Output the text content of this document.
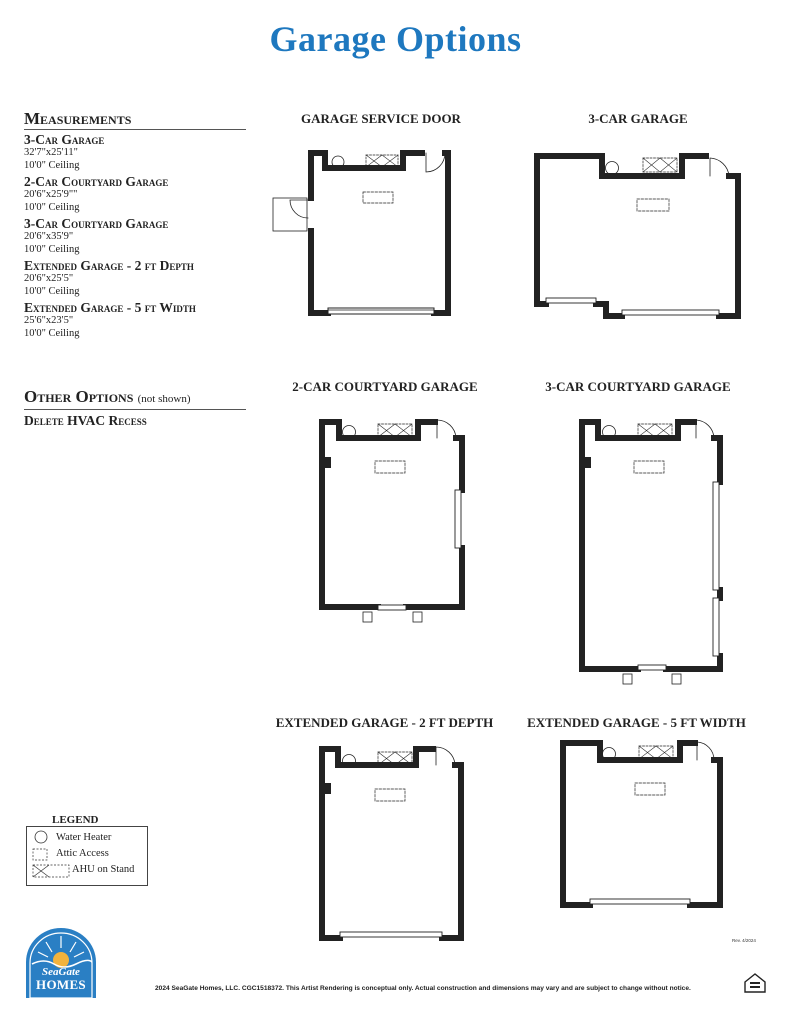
Garage Options
Measurements
3-Car Garage
32'7"x25'11"
10'0" Ceiling
2-Car Courtyard Garage
20'6"x25'9""
10'0" Ceiling
3-Car Courtyard Garage
20'6"x35'9"
10'0" Ceiling
Extended Garage - 2 ft Depth
20'6"x25'5"
10'0" Ceiling
Extended Garage - 5 ft Width
25'6"x23'5"
10'0" Ceiling
Other Options (not shown)
Delete HVAC Recess
GARAGE SERVICE DOOR	3-CAR GARAGE
2-CAR COURTYARD GARAGE	3-CAR COURTYARD GARAGE
EXTENDED GARAGE - 2 FT DEPTH	EXTENDED GARAGE - 5 FT WIDTH
LEGEND
Water Heater
Attic Access
AHU on Stand
SeaGate
HOMES
Rev. 4/2024
2024 SeaGate Homes, LLC. CGC1518372. This Artist Rendering is conceptual only. Actual construction and dimensions may vary and are subject to change without notice.
